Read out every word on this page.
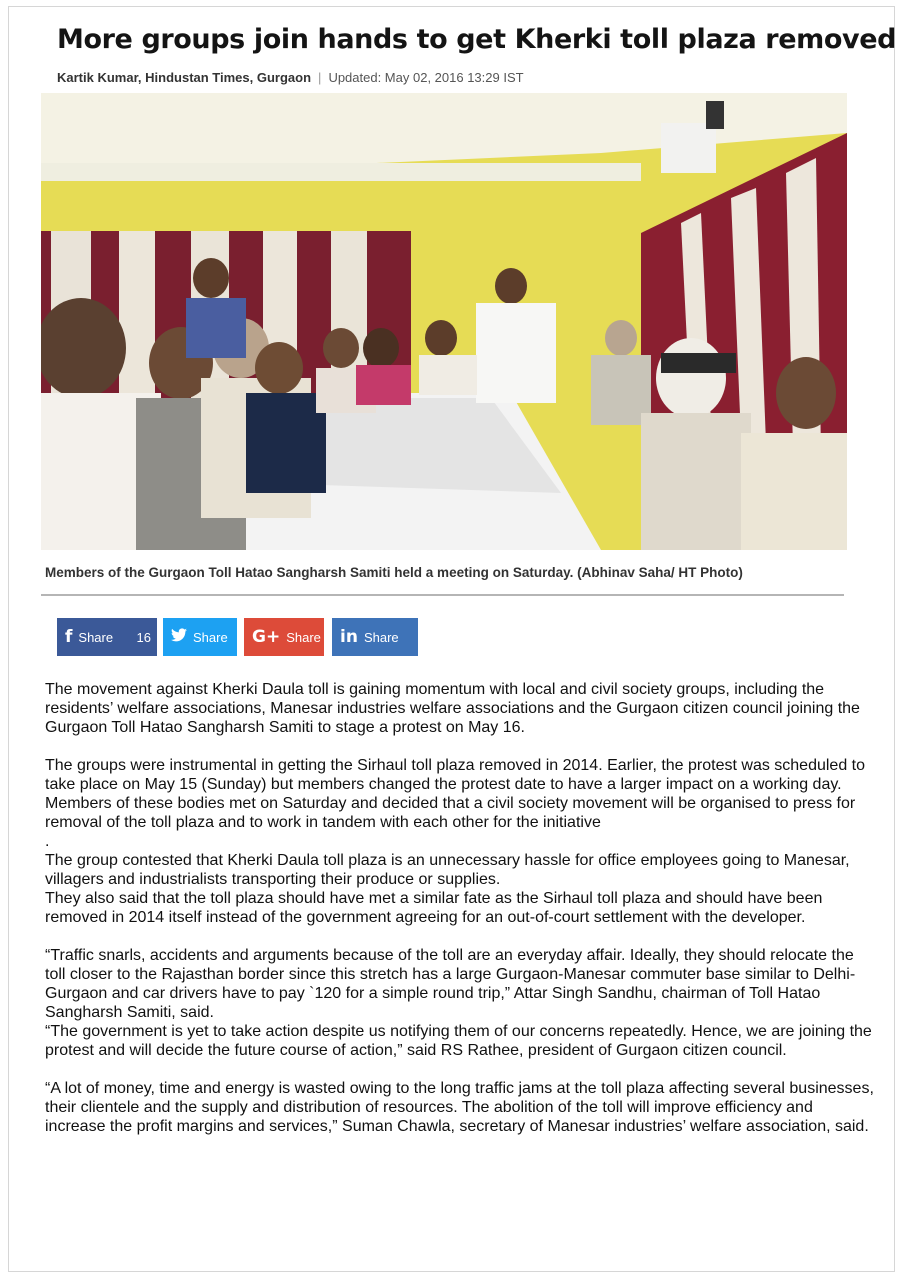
More groups join hands to get Kherki toll plaza removed
Kartik Kumar, Hindustan Times, Gurgaon | Updated: May 02, 2016 13:29 IST
Members of the Gurgaon Toll Hatao Sangharsh Samiti held a meeting on Saturday. (Abhinav Saha/ HT Photo)
f Share 16	Share G+ Share in Share

The movement against Kherki Daula toll is gaining momentum with local and civil society groups, including the residents’ welfare associations, Manesar industries welfare associations and the Gurgaon citizen council joining the Gurgaon Toll Hatao Sangharsh Samiti to stage a protest on May 16.

The groups were instrumental in getting the Sirhaul toll plaza removed in 2014. Earlier, the protest was scheduled to take place on May 15 (Sunday) but members changed the protest date to have a larger impact on a working day.

Members of these bodies met on Saturday and decided that a civil society movement will be organised to press for removal of the toll plaza and to work in tandem with each other for the initiative

.

The group contested that Kherki Daula toll plaza is an unnecessary hassle for office employees going to Manesar, villagers and industrialists transporting their produce or supplies.

They also said that the toll plaza should have met a similar fate as the Sirhaul toll plaza and should have been removed in 2014 itself instead of the government agreeing for an out-of-court settlement with the developer.

“Traffic snarls, accidents and arguments because of the toll are an everyday affair. Ideally, they should relocate the toll closer to the Rajasthan border since this stretch has a large Gurgaon-Manesar commuter base similar to Delhi-Gurgaon and car drivers have to pay `120 for a simple round trip,” Attar Singh Sandhu, chairman of Toll Hatao Sangharsh Samiti, said.

“The government is yet to take action despite us notifying them of our concerns repeatedly. Hence, we are joining the protest and will decide the future course of action,” said RS Rathee, president of Gurgaon citizen council.

“A lot of money, time and energy is wasted owing to the long traffic jams at the toll plaza affecting several businesses, their clientele and the supply and distribution of resources. The abolition of the toll will improve efficiency and increase the profit margins and services,” Suman Chawla, secretary of Manesar industries’ welfare association, said.
